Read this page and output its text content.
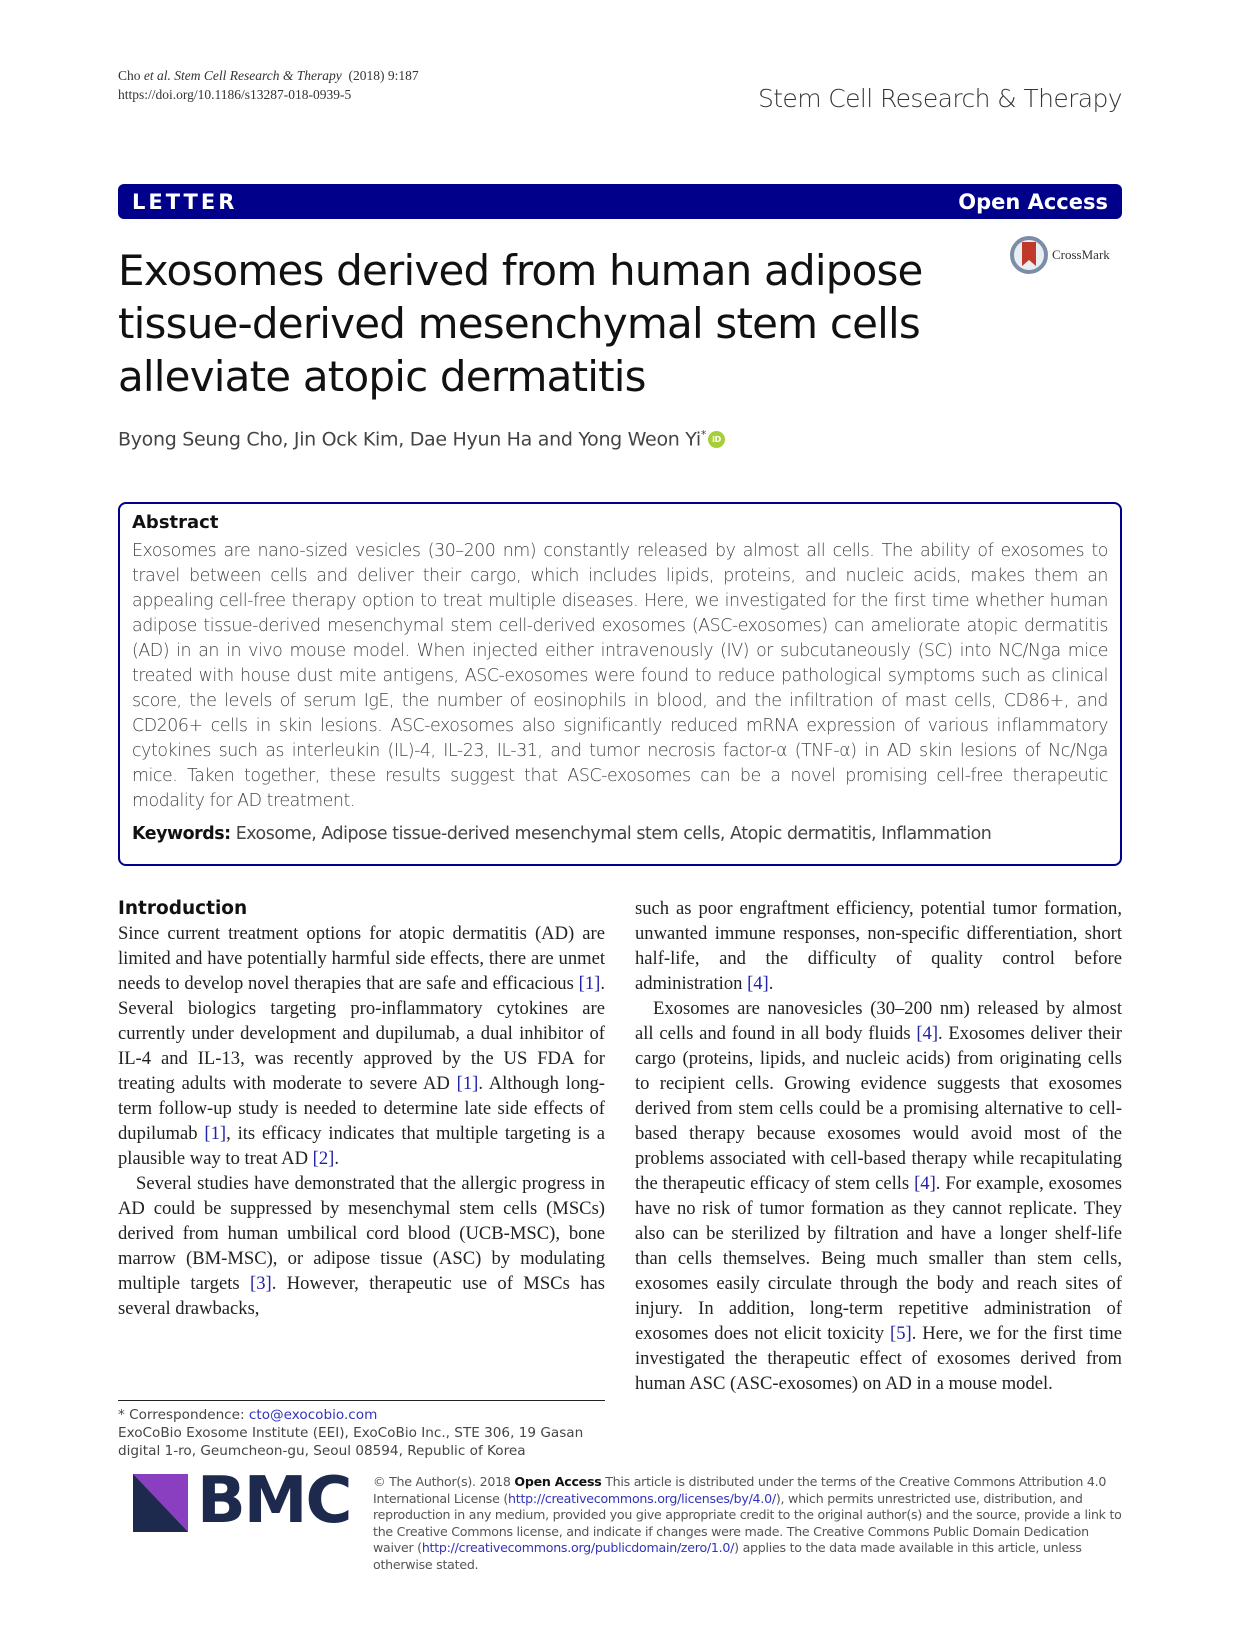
Cho et al. Stem Cell Research & Therapy (2018) 9:187
https://doi.org/10.1186/s13287-018-0939-5	Stem Cell Research & Therapy
LETTER	Open Access
Exosomes derived from human adipose tissue-derived mesenchymal stem cells alleviate atopic dermatitis
CrossMark
Byong Seung Cho, Jin Ock Kim, Dae Hyun Ha and Yong Weon Yi* iD
Abstract
Exosomes are nano-sized vesicles (30–200 nm) constantly released by almost all cells. The ability of exosomes to travel between cells and deliver their cargo, which includes lipids, proteins, and nucleic acids, makes them an appealing cell-free therapy option to treat multiple diseases. Here, we investigated for the first time whether human adipose tissue-derived mesenchymal stem cell-derived exosomes (ASC-exosomes) can ameliorate atopic dermatitis (AD) in an in vivo mouse model. When injected either intravenously (IV) or subcutaneously (SC) into NC/Nga mice treated with house dust mite antigens, ASC-exosomes were found to reduce pathological symptoms such as clinical score, the levels of serum IgE, the number of eosinophils in blood, and the infiltration of mast cells, CD86+, and CD206+ cells in skin lesions. ASC-exosomes also significantly reduced mRNA expression of various inflammatory cytokines such as interleukin (IL)-4, IL-23, IL-31, and tumor necrosis factor-α (TNF-α) in AD skin lesions of Nc/Nga mice. Taken together, these results suggest that ASC-exosomes can be a novel promising cell-free therapeutic modality for AD treatment.
Keywords: Exosome, Adipose tissue-derived mesenchymal stem cells, Atopic dermatitis, Inflammation
Introduction

Since current treatment options for atopic dermatitis (AD) are limited and have potentially harmful side effects, there are unmet needs to develop novel therapies that are safe and efficacious [1]. Several biologics targeting pro-inflammatory cytokines are currently under development and dupilumab, a dual inhibitor of IL-4 and IL-13, was recently approved by the US FDA for treating adults with moderate to severe AD [1]. Although long-term follow-up study is needed to determine late side effects of dupilumab [1], its efficacy indicates that multiple targeting is a plausible way to treat AD [2].

Several studies have demonstrated that the allergic progress in AD could be suppressed by mesenchymal stem cells (MSCs) derived from human umbilical cord blood (UCB-MSC), bone marrow (BM-MSC), or adipose tissue (ASC) by modulating multiple targets [3]. However, therapeutic use of MSCs has several drawbacks,

such as poor engraftment efficiency, potential tumor formation, unwanted immune responses, non-specific differentiation, short half-life, and the difficulty of quality control before administration [4].

Exosomes are nanovesicles (30–200 nm) released by almost all cells and found in all body fluids [4]. Exosomes deliver their cargo (proteins, lipids, and nucleic acids) from originating cells to recipient cells. Growing evidence suggests that exosomes derived from stem cells could be a promising alternative to cell-based therapy because exosomes would avoid most of the problems associated with cell-based therapy while recapitulating the therapeutic efficacy of stem cells [4]. For example, exosomes have no risk of tumor formation as they cannot replicate. They also can be sterilized by filtration and have a longer shelf-life than cells themselves. Being much smaller than stem cells, exosomes easily circulate through the body and reach sites of injury. In addition, long-term repetitive administration of exosomes does not elicit toxicity [5]. Here, we for the first time investigated the therapeutic effect of exosomes derived from human ASC (ASC-exosomes) on AD in a mouse model.

* Correspondence: cto@exocobio.com
ExoCoBio Exosome Institute (EEI), ExoCoBio Inc., STE 306, 19 Gasan digital 1-ro, Geumcheon-gu, Seoul 08594, Republic of Korea
BMC © The Author(s). 2018 Open Access This article is distributed under the terms of the Creative Commons Attribution 4.0 International License (http://creativecommons.org/licenses/by/4.0/), which permits unrestricted use, distribution, and reproduction in any medium, provided you give appropriate credit to the original author(s) and the source, provide a link to the Creative Commons license, and indicate if changes were made. The Creative Commons Public Domain Dedication waiver (http://creativecommons.org/publicdomain/zero/1.0/) applies to the data made available in this article, unless otherwise stated.
